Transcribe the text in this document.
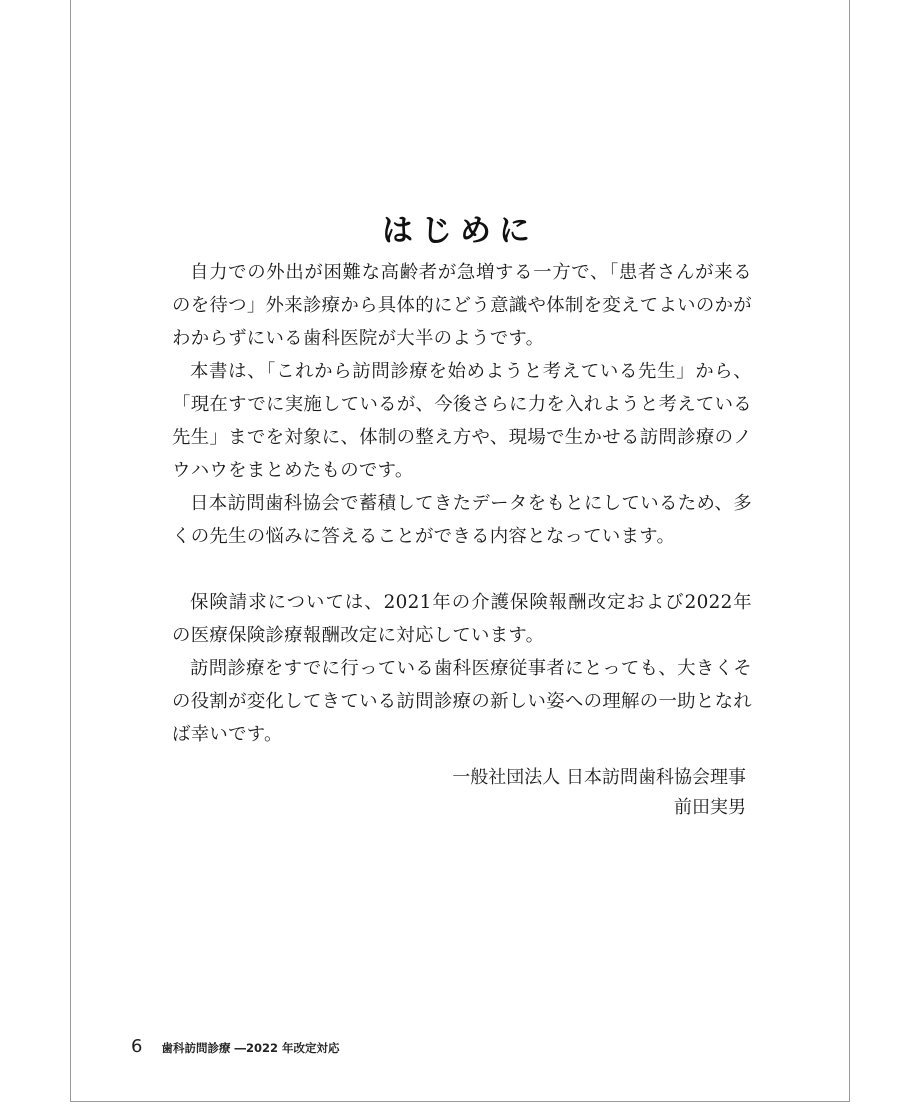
はじめに

自力での外出が困難な高齢者が急増する一方で、「患者さんが来るのを待つ」外来診療から具体的にどう意識や体制を変えてよいのかがわからずにいる歯科医院が大半のようです。

本書は、「これから訪問診療を始めようと考えている先生」から、「現在すでに実施しているが、今後さらに力を入れようと考えている先生」までを対象に、体制の整え方や、現場で生かせる訪問診療のノウハウをまとめたものです。

日本訪問歯科協会で蓄積してきたデータをもとにしているため、多くの先生の悩みに答えることができる内容となっています。

保険請求については、2021年の介護保険報酬改定および2022年の医療保険診療報酬改定に対応しています。

訪問診療をすでに行っている歯科医療従事者にとっても、大きくその役割が変化してきている訪問診療の新しい姿への理解の一助となれば幸いです。

一般社団法人 日本訪問歯科協会理事
前田実男
6 歯科訪問診療 ―2022 年改定対応
